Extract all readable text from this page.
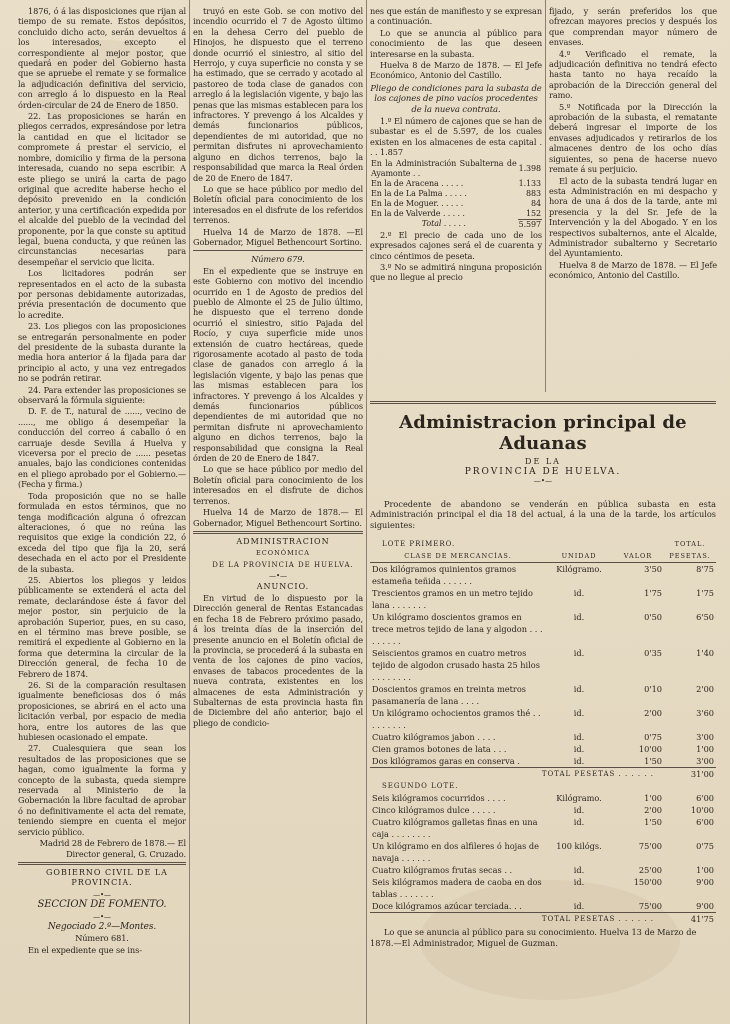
1876, ó á las disposiciones que rijan al tiempo de su remate. Estos depósitos, concluido dicho acto, serán devueltos á los interesados, excepto el correspondiente al mejor postor, que quedará en poder del Gobierno hasta que se apruebe el remate y se formalice la adjudicación definitiva del servicio, con arreglo á lo dispuesto en la Real órden-circular de 24 de Enero de 1850.

22. Las proposiciones se harán en pliegos cerrados, expresándose por letra la cantidad en que el licitador se compromete á prestar el servicio, el nombre, domicilio y firma de la persona interesada, cuando no sepa escribir. A este pliego se unirá la carta de pago original que acredite haberse hecho el depósito prevenido en la condición anterior, y una certificación expedida por el alcalde del pueblo de la vecindad del proponente, por la que conste su aptitud legal, buena conducta, y que reúnen las circunstancias necesarias para desempeñar el servicio que licita.

Los licitadores podrán ser representados en el acto de la subasta por personas debidamente autorizadas, prévia presentación de documento que lo acredite.

23. Los pliegos con las proposiciones se entregarán personalmente en poder del presidente de la subasta durante la media hora anterior á la fijada para dar principio al acto, y una vez entregados no se podrán retirar.

24. Para extender las proposiciones se observará la fórmula siguiente:

D. F. de T., natural de ......, vecino de ......, me obligo á desempeñar la conducción del correo á caballo ó en carruaje desde Sevilla á Huelva y viceversa por el precio de ...... pesetas anuales, bajo las condiciones contenidas en el pliego aprobado por el Gobierno.—(Fecha y firma.)

Toda proposición que no se halle formulada en estos términos, que no tenga modificación alguna ó ofrezcan alteraciones, ó que no reúna las requisitos que exige la condición 22, ó exceda del tipo que fija la 20, será desechada en el acto por el Presidente de la subasta.

25. Abiertos los pliegos y leidos públicamente se extenderá el acta del remate, declarándose éste á favor del mejor postor, sin perjuicio de la aprobación Superior, pues, en su caso, en el término mas breve posible, se remitirá el expediente al Gobierno en la forma que determina la circular de la Dirección general, de fecha 10 de Febrero de 1874.

26. Si de la comparación resultasen igualmente beneficiosas dos ó más proposiciones, se abrirá en el acto una licitación verbal, por espacio de media hora, entre los autores de las que hubiesen ocasionado el empate.

27. Cualesquiera que sean los resultados de las proposiciones que se hagan, como igualmente la forma y concepto de la subasta, queda siempre reservada al Ministerio de la Gobernación la libre facultad de aprobar ó no definitivamente el acta del remate, teniendo siempre en cuenta el mejor servicio público.

Madrid 28 de Febrero de 1878.— El Director general, G. Cruzado.

GOBIERNO CIVIL DE LA PROVINCIA.

—•—

SECCION DE FOMENTO.

—•—

Negociado 2.º—Montes.

Número 681.

En el expediente que se ins-

truyó en este Gob. se con motivo del incendio ocurrido el 7 de Agosto último en la dehesa Cerro del pueblo de Hinojos, he dispuesto que el terreno donde ocurrió el siniestro, al sitio del Herrojo, y cuya superficie no consta y se ha estimado, que se cerrado y acotado al pastoreo de toda clase de ganados con arreglo á la legislación vigente, y bajo las penas que las mismas establecen para los infractores. Y prevengo á los Alcaldes y demás funcionarios públicos, dependientes de mi autoridad, que no permitan disfrutes ni aprovechamiento alguno en dichos terrenos, bajo la responsabilidad que marca la Real órden de 20 de Enero de 1847.

Lo que se hace público por medio del Boletín oficial para conocimiento de los interesados en el disfrute de los referidos terrenos.

Huelva 14 de Marzo de 1878. —El Gobernador, Miguel Bethencourt Sortino.

Número 679.

En el expediente que se instruye en este Gobierno con motivo del incendio ocurrido en 1 de Agosto de predios del pueblo de Almonte el 25 de Julio último, he dispuesto que el terreno donde ocurrió el siniestro, sitio Pajada del Rocío, y cuya superficie mide unos extensión de cuatro hectáreas, quede rigorosamente acotado al pasto de toda clase de ganados con arreglo á la legislación vigente, y bajo las penas que las mismas establecen para los infractores. Y prevengo á los Alcaldes y demás funcionarios públicos dependientes de mi autoridad que no permitan disfrute ni aprovechamiento alguno en dichos terrenos, bajo la responsabilidad que consigna la Real órden de 20 de Enero de 1847.

Lo que se hace público por medio del Boletín oficial para conocimiento de los interesados en el disfrute de dichos terrenos.

Huelva 14 de Marzo de 1878.— El Gobernador, Miguel Bethencourt Sortino.

ADMINISTRACION

ECONÓMICA

DE LA PROVINCIA DE HUELVA.

—•—

ANUNCIO.

En virtud de lo dispuesto por la Dirección general de Rentas Estancadas en fecha 18 de Febrero próximo pasado, á los treinta días de la inserción del presente anuncio en el Boletín oficial de la provincia, se procederá á la subasta en venta de los cajones de pino vacíos, envases de tabacos procedentes de la nueva contrata, existentes en los almacenes de esta Administración y Subalternas de esta provincia hasta fin de Diciembre del año anterior, bajo el pliego de condicio-

nes que están de manifiesto y se expresan a continuación.

Lo que se anuncia al público para conocimiento de las que deseen interesarse en la subasta.

Huelva 8 de Marzo de 1878. — El Jefe Económico, Antonio del Castillo.

Pliego de condiciones para la subasta de los cajones de pino vacíos procedentes de la nueva contrata.

1.º El número de cajones que se han de subastar es el de 5.597, de los cuales existen en los almacenes de esta capital . . . 1.857

En la Administración Subalterna de Ayamonte . .	1.398
En la de Aracena . . . . .	1.133
En la de La Palma . . . . .	883
En la de Moguer. . . . . .	84
En la de Valverde . . . . .	152
Total . . . . .	5.597

2.º El precio de cada uno de los expresados cajones será el de cuarenta y cinco céntimos de peseta.

3.º No se admitirá ninguna proposición que no llegue al precio

fijado, y serán preferidos los que ofrezcan mayores precios y después los que comprendan mayor número de envases.

4.º Verificado el remate, la adjudicación definitiva no tendrá efecto hasta tanto no haya recaído la aprobación de la Dirección general del ramo.

5.º Notificada por la Dirección la aprobación de la subasta, el rematante deberá ingresar el importe de los envases adjudicados y retirarlos de los almacenes dentro de los ocho días siguientes, so pena de hacerse nuevo remate á su perjuicio.

El acto de la subasta tendrá lugar en esta Administración en mi despacho y hora de una á dos de la tarde, ante mi presencia y la del Sr. Jefe de la Intervención y la del Abogado. Y en los respectivos subalternos, ante el Alcalde, Administrador subalterno y Secretario del Ayuntamiento.

Huelva 8 de Marzo de 1878. — El Jefe económico, Antonio del Castillo.

Administracion principal de Aduanas
DE LA
PROVINCIA DE HUELVA.
—•—
Procedente de abandono se venderán en pública subasta en esta Administración principal el dia 18 del actual, á la una de la tarde, los artículos siguientes:
LOTE PRIMERO.			TOTAL.
CLASE DE MERCANCÍAS.	UNIDAD	VALOR	PESETAS.
Dos kilógramos quinientos gramos estameña teñida . . . . . .	Kilógramo.	3'50	8'75
Trescientos gramos en un metro tejido lana . . . . . . .	id.	1'75	1'75
Un kilógramo doscientos gramos en trece metros tejido de lana y algodon . . . . . . . . .	id.	0'50	6'50
Seiscientos gramos en cuatro metros tejido de algodon crusado hasta 25 hilos . . . . . . . .	id.	0'35	1'40
Doscientos gramos en treinta metros pasamanería de lana . . . .	id.	0'10	2'00
Un kilógramo ochocientos gramos thé . . . . . . . . .	id.	2'00	3'60
Cuatro kilógramos jabon . . . .	id.	0'75	3'00
Cien gramos botones de lata . . .	id.	10'00	1'00
Dos kilógramos garas en conserva .	id.	1'50	3'00
TOTAL PESETAS . . . . . .			31'00
SEGUNDO LOTE.			
Seis kilógramos cocurridos . . . .	Kilógramo.	1'00	6'00
Cinco kilógramos dulce . . . . .	id.	2'00	10'00
Cuatro kilógramos galletas finas en una caja . . . . . . . .	id.	1'50	6'00
Un kilógramo en dos alfileres ó hojas de navaja . . . . . .	100 kilógs.	75'00	0'75
Cuatro kilógramos frutas secas . .	id.	25'00	1'00
Seis kilógramos madera de caoba en dos tablas . . . . . . .	id.	150'00	9'00
Doce kilógramos azúcar terciada. . .	id.	75'00	9'00
TOTAL PESETAS . . . . . .			41'75
Lo que se anuncia al público para su conocimiento. Huelva 13 de Marzo de 1878.—El Administrador, Miguel de Guzman.
